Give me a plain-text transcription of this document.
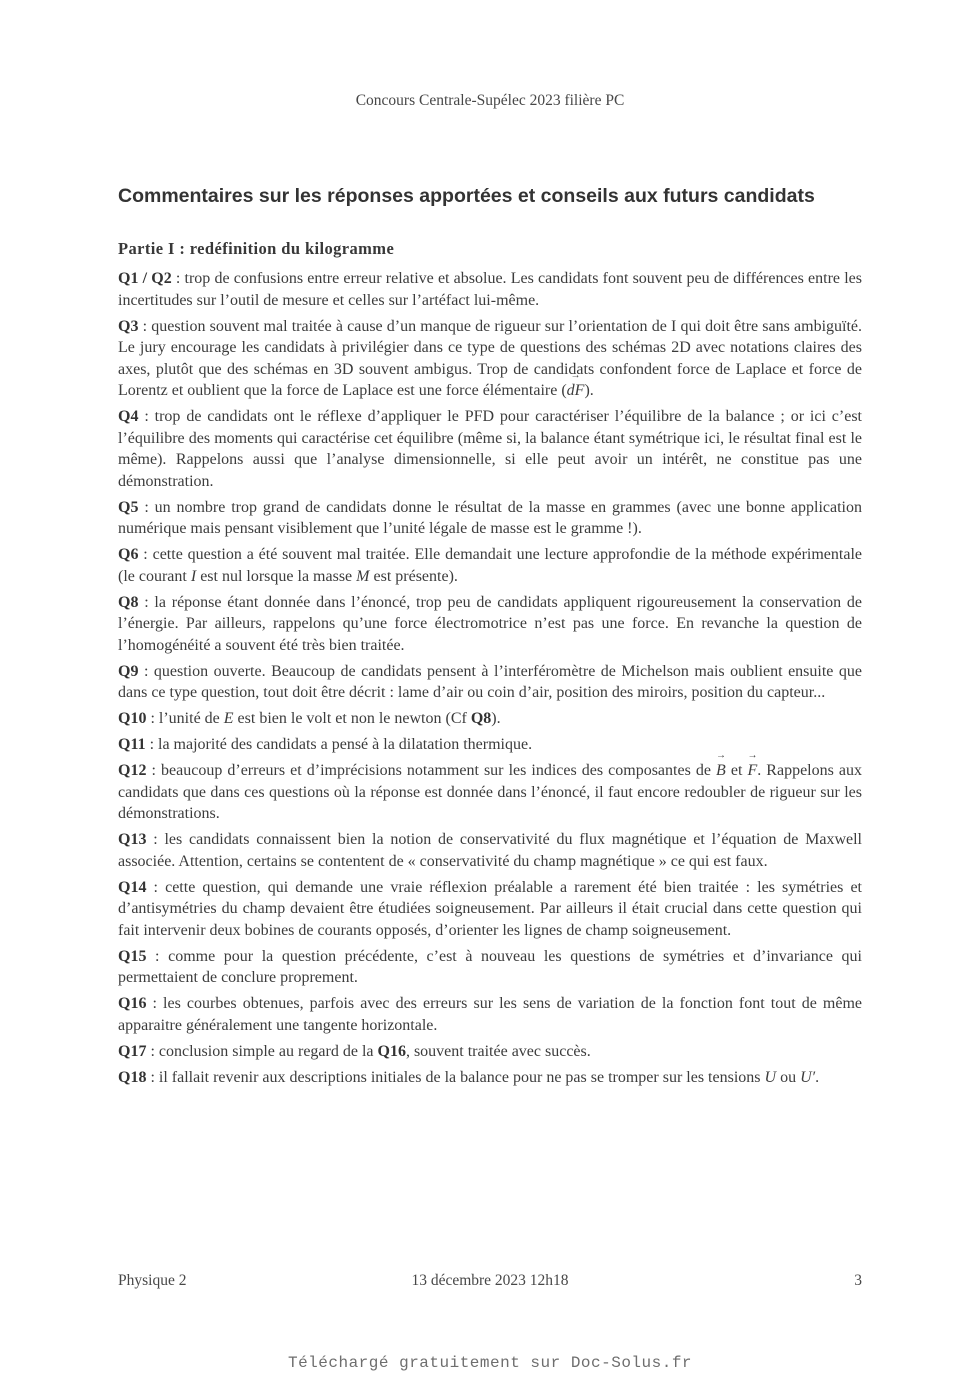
Concours Centrale-Supélec 2023 filière PC
Commentaires sur les réponses apportées et conseils aux futurs candidats
Partie I : redéfinition du kilogramme

Q1 / Q2 : trop de confusions entre erreur relative et absolue. Les candidats font souvent peu de différences entre les incertitudes sur l’outil de mesure et celles sur l’artéfact lui-même.

Q3 : question souvent mal traitée à cause d’un manque de rigueur sur l’orientation de I qui doit être sans ambiguïté. Le jury encourage les candidats à privilégier dans ce type de questions des schémas 2D avec notations claires des axes, plutôt que des schémas en 3D souvent ambigus. Trop de candidats confondent force de Laplace et force de Lorentz et oublient que la force de Laplace est une force élémentaire (→ dF).

Q4 : trop de candidats ont le réflexe d’appliquer le PFD pour caractériser l’équilibre de la balance ; or ici c’est l’équilibre des moments qui caractérise cet équilibre (même si, la balance étant symétrique ici, le résultat final est le même). Rappelons aussi que l’analyse dimensionnelle, si elle peut avoir un intérêt, ne constitue pas une démonstration.

Q5 : un nombre trop grand de candidats donne le résultat de la masse en grammes (avec une bonne application numérique mais pensant visiblement que l’unité légale de masse est le gramme !).

Q6 : cette question a été souvent mal traitée. Elle demandait une lecture approfondie de la méthode expérimentale (le courant I est nul lorsque la masse M est présente).

Q8 : la réponse étant donnée dans l’énoncé, trop peu de candidats appliquent rigoureusement la conservation de l’énergie. Par ailleurs, rappelons qu’une force électromotrice n’est pas une force. En revanche la question de l’homogénéité a souvent été très bien traitée.

Q9 : question ouverte. Beaucoup de candidats pensent à l’interféromètre de Michelson mais oublient ensuite que dans ce type question, tout doit être décrit : lame d’air ou coin d’air, position des miroirs, position du capteur...

Q10 : l’unité de E est bien le volt et non le newton (Cf Q8).

Q11 : la majorité des candidats a pensé à la dilatation thermique.

Q12 : beaucoup d’erreurs et d’imprécisions notamment sur les indices des composantes de → B et → F. Rappelons aux candidats que dans ces questions où la réponse est donnée dans l’énoncé, il faut encore redoubler de rigueur sur les démonstrations.

Q13 : les candidats connaissent bien la notion de conservativité du flux magnétique et l’équation de Maxwell associée. Attention, certains se contentent de « conservativité du champ magnétique » ce qui est faux.

Q14 : cette question, qui demande une vraie réflexion préalable a rarement été bien traitée : les symétries et d’antisymétries du champ devaient être étudiées soigneusement. Par ailleurs il était crucial dans cette question qui fait intervenir deux bobines de courants opposés, d’orienter les lignes de champ soigneusement.

Q15 : comme pour la question précédente, c’est à nouveau les questions de symétries et d’invariance qui permettaient de conclure proprement.

Q16 : les courbes obtenues, parfois avec des erreurs sur les sens de variation de la fonction font tout de même apparaitre généralement une tangente horizontale.

Q17 : conclusion simple au regard de la Q16, souvent traitée avec succès.

Q18 : il fallait revenir aux descriptions initiales de la balance pour ne pas se tromper sur les tensions U ou U′.

Physique 2	13 décembre 2023 12h18	3
Téléchargé gratuitement sur Doc-Solus.fr
